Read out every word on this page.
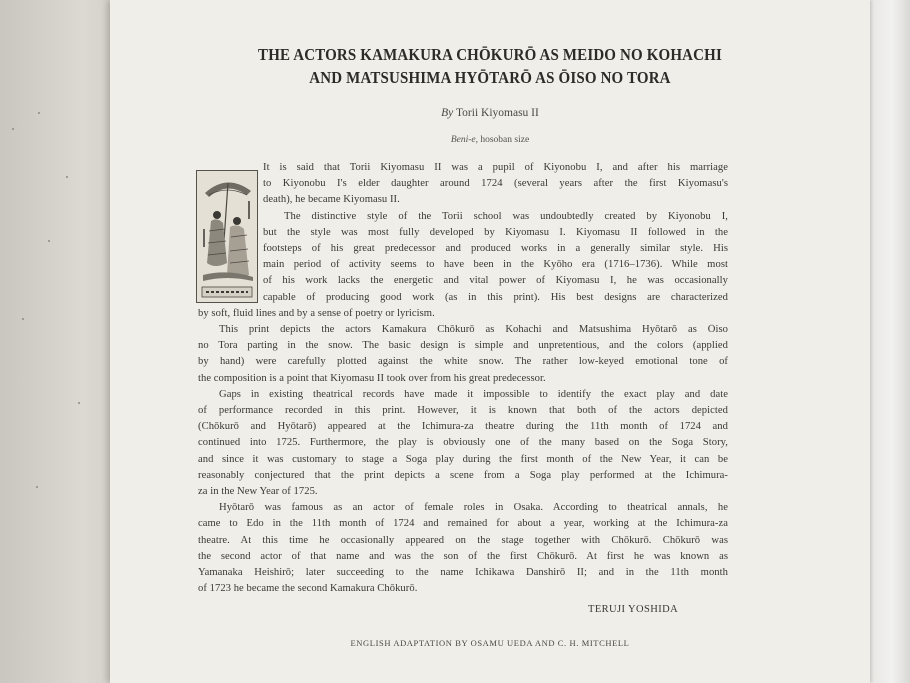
THE ACTORS KAMAKURA CHŌKURŌ AS MEIDO NO KOHACHI
AND MATSUSHIMA HYŌTARŌ AS ŌISO NO TORA
By Torii Kiyomasu II
Beni-e, hosoban size
It is said that Torii Kiyomasu II was a pupil of Kiyonobu I, and after his marriage
to Kiyonobu I's elder daughter around 1724 (several years after the first Kiyomasu's
death), he became Kiyomasu II.
The distinctive style of the Torii school was undoubtedly created by Kiyonobu I,
but the style was most fully developed by Kiyomasu I. Kiyomasu II followed in the
footsteps of his great predecessor and produced works in a generally similar style. His
main period of activity seems to have been in the Kyōho era (1716–1736). While most
of his work lacks the energetic and vital power of Kiyomasu I, he was occasionally
capable of producing good work (as in this print). His best designs are characterized
by soft, fluid lines and by a sense of poetry or lyricism.
This print depicts the actors Kamakura Chōkurō as Kohachi and Matsushima Hyōtarō as Ōiso
no Tora parting in the snow. The basic design is simple and unpretentious, and the colors (applied
by hand) were carefully plotted against the white snow. The rather low-keyed emotional tone of
the composition is a point that Kiyomasu II took over from his great predecessor.
Gaps in existing theatrical records have made it impossible to identify the exact play and date
of performance recorded in this print. However, it is known that both of the actors depicted
(Chōkurō and Hyōtarō) appeared at the Ichimura-za theatre during the 11th month of 1724 and
continued into 1725. Furthermore, the play is obviously one of the many based on the Soga Story,
and since it was customary to stage a Soga play during the first month of the New Year, it can be
reasonably conjectured that the print depicts a scene from a Soga play performed at the Ichimura-
za in the New Year of 1725.
Hyōtarō was famous as an actor of female roles in Osaka. According to theatrical annals, he
came to Edo in the 11th month of 1724 and remained for about a year, working at the Ichimura-za
theatre. At this time he occasionally appeared on the stage together with Chōkurō. Chōkurō was
the second actor of that name and was the son of the first Chōkurō. At first he was known as
Yamanaka Heishirō; later succeeding to the name Ichikawa Danshirō II; and in the 11th month
of 1723 he became the second Kamakura Chōkurō.
TERUJI YOSHIDA
ENGLISH ADAPTATION BY OSAMU UEDA AND C. H. MITCHELL
